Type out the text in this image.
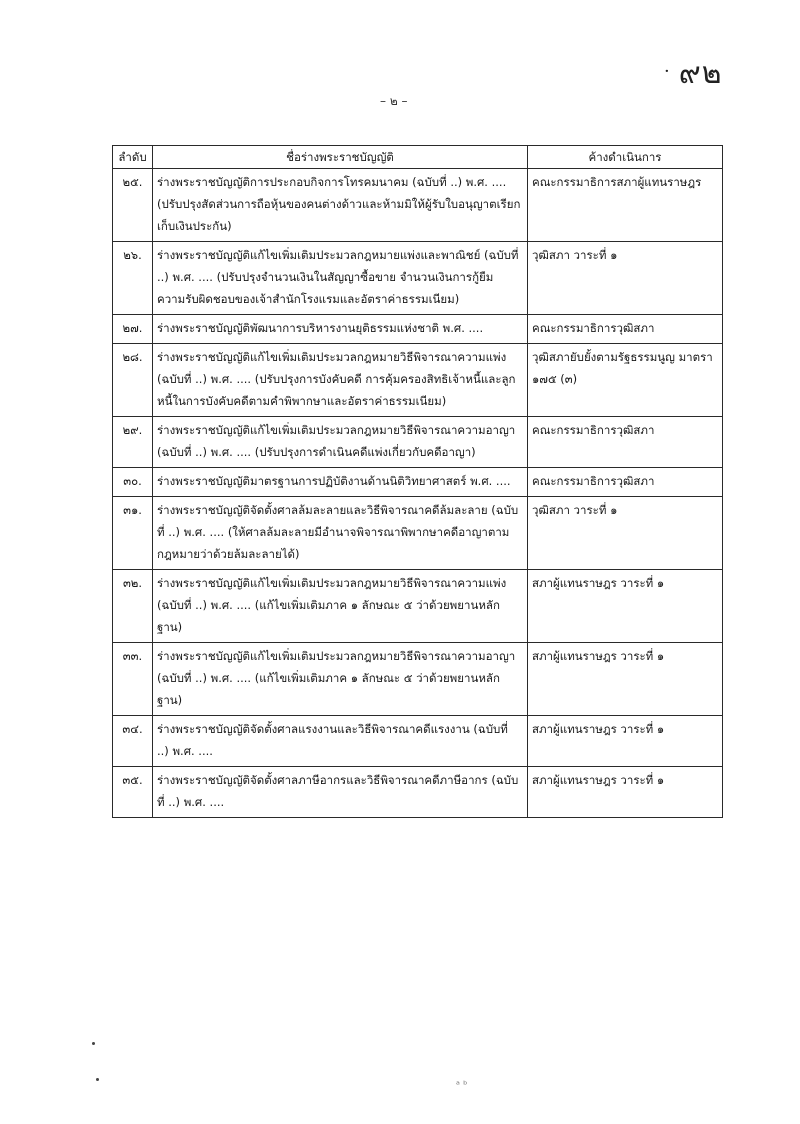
· ๙๒
– ๒ –
ลำดับ	ชื่อร่างพระราชบัญญัติ	ค้างดำเนินการ
๒๕.	ร่างพระราชบัญญัติการประกอบกิจการโทรคมนาคม (ฉบับที่ ..) พ.ศ. .... (ปรับปรุงสัดส่วนการถือหุ้นของคนต่างด้าวและห้ามมิให้ผู้รับใบอนุญาตเรียกเก็บเงินประกัน)	คณะกรรมาธิการสภาผู้แทนราษฎร
๒๖.	ร่างพระราชบัญญัติแก้ไขเพิ่มเติมประมวลกฎหมายแพ่งและพาณิชย์ (ฉบับที่ ..) พ.ศ. .... (ปรับปรุงจำนวนเงินในสัญญาซื้อขาย จำนวนเงินการกู้ยืม ความรับผิดชอบของเจ้าสำนักโรงแรมและอัตราค่าธรรมเนียม)	วุฒิสภา วาระที่ ๑
๒๗.	ร่างพระราชบัญญัติพัฒนาการบริหารงานยุติธรรมแห่งชาติ พ.ศ. ....	คณะกรรมาธิการวุฒิสภา
๒๘.	ร่างพระราชบัญญัติแก้ไขเพิ่มเติมประมวลกฎหมายวิธีพิจารณาความแพ่ง (ฉบับที่ ..) พ.ศ. .... (ปรับปรุงการบังคับคดี การคุ้มครองสิทธิเจ้าหนี้และลูกหนี้ในการบังคับคดีตามคำพิพากษาและอัตราค่าธรรมเนียม)	วุฒิสภายับยั้งตามรัฐธรรมนูญ มาตรา ๑๗๕ (๓)
๒๙.	ร่างพระราชบัญญัติแก้ไขเพิ่มเติมประมวลกฎหมายวิธีพิจารณาความอาญา (ฉบับที่ ..) พ.ศ. .... (ปรับปรุงการดำเนินคดีแพ่งเกี่ยวกับคดีอาญา)	คณะกรรมาธิการวุฒิสภา
๓๐.	ร่างพระราชบัญญัติมาตรฐานการปฏิบัติงานด้านนิติวิทยาศาสตร์ พ.ศ. ....	คณะกรรมาธิการวุฒิสภา
๓๑.	ร่างพระราชบัญญัติจัดตั้งศาลล้มละลายและวิธีพิจารณาคดีล้มละลาย (ฉบับที่ ..) พ.ศ. .... (ให้ศาลล้มละลายมีอำนาจพิจารณาพิพากษาคดีอาญาตามกฎหมายว่าด้วยล้มละลายได้)	วุฒิสภา วาระที่ ๑
๓๒.	ร่างพระราชบัญญัติแก้ไขเพิ่มเติมประมวลกฎหมายวิธีพิจารณาความแพ่ง (ฉบับที่ ..) พ.ศ. .... (แก้ไขเพิ่มเติมภาค ๑ ลักษณะ ๕ ว่าด้วยพยานหลักฐาน)	สภาผู้แทนราษฎร วาระที่ ๑
๓๓.	ร่างพระราชบัญญัติแก้ไขเพิ่มเติมประมวลกฎหมายวิธีพิจารณาความอาญา (ฉบับที่ ..) พ.ศ. .... (แก้ไขเพิ่มเติมภาค ๑ ลักษณะ ๕ ว่าด้วยพยานหลักฐาน)	สภาผู้แทนราษฎร วาระที่ ๑
๓๔.	ร่างพระราชบัญญัติจัดตั้งศาลแรงงานและวิธีพิจารณาคดีแรงงาน (ฉบับที่ ..) พ.ศ. ....	สภาผู้แทนราษฎร วาระที่ ๑
๓๕.	ร่างพระราชบัญญัติจัดตั้งศาลภาษีอากรและวิธีพิจารณาคดีภาษีอากร (ฉบับที่ ..) พ.ศ. ....	สภาผู้แทนราษฎร วาระที่ ๑
ᵃ ᵇ
